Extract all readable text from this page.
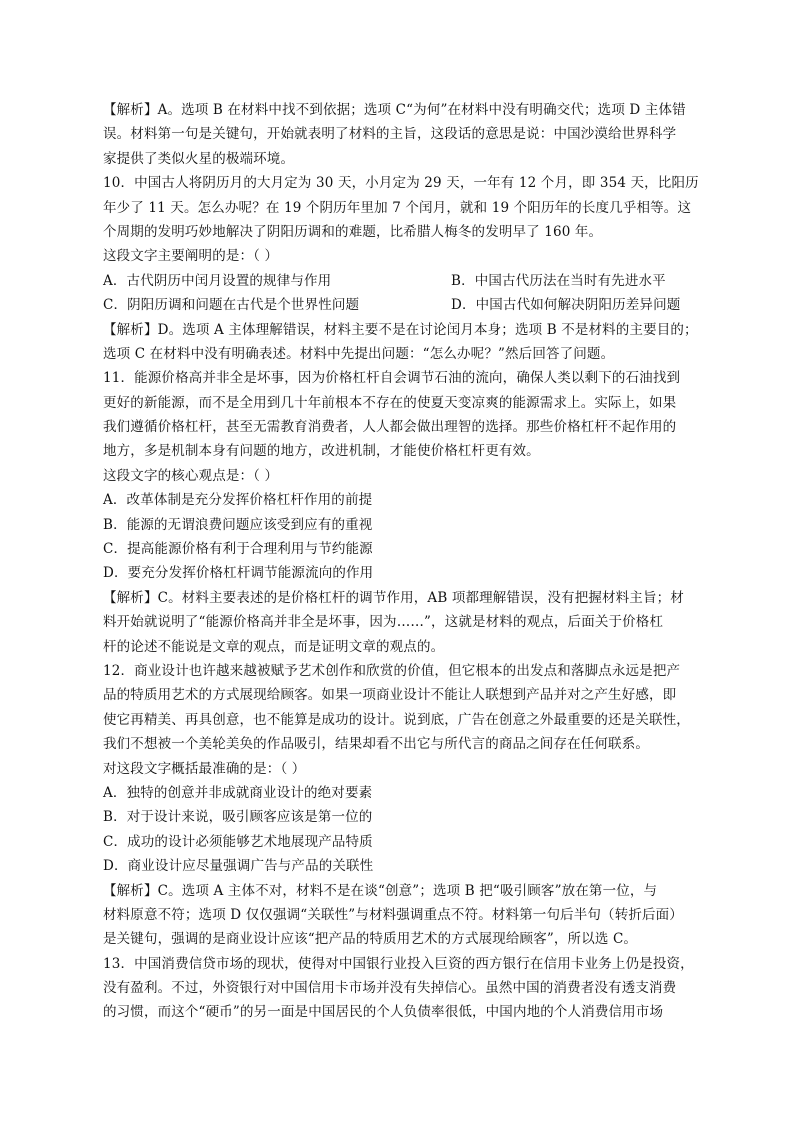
【解析】A。选项 B 在材料中找不到依据；选项 C“为何”在材料中没有明确交代；选项 D 主体错
误。材料第一句是关键句，开始就表明了材料的主旨，这段话的意思是说：中国沙漠给世界科学
家提供了类似火星的极端环境。
10．中国古人将阴历月的大月定为 30 天，小月定为 29 天，一年有 12 个月，即 354 天，比阳历
年少了 11 天。怎么办呢？在 19 个阴历年里加 7 个闰月，就和 19 个阳历年的长度几乎相等。这
个周期的发明巧妙地解决了阴阳历调和的难题，比希腊人梅冬的发明早了 160 年。
这段文字主要阐明的是：（ ）
A．古代阴历中闰月设置的规律与作用	B．中国古代历法在当时有先进水平
C．阴阳历调和问题在古代是个世界性问题	D．中国古代如何解决阴阳历差异问题
【解析】D。选项 A 主体理解错误，材料主要不是在讨论闰月本身；选项 B 不是材料的主要目的；
选项 C 在材料中没有明确表述。材料中先提出问题：“怎么办呢？”然后回答了问题。
11．能源价格高并非全是坏事，因为价格杠杆自会调节石油的流向，确保人类以剩下的石油找到
更好的新能源，而不是全用到几十年前根本不存在的使夏天变凉爽的能源需求上。实际上，如果
我们遵循价格杠杆，甚至无需教育消费者，人人都会做出理智的选择。那些价格杠杆不起作用的
地方，多是机制本身有问题的地方，改进机制，才能使价格杠杆更有效。
这段文字的核心观点是：（ ）
A．改革体制是充分发挥价格杠杆作用的前提
B．能源的无谓浪费问题应该受到应有的重视
C．提高能源价格有利于合理利用与节约能源
D．要充分发挥价格杠杆调节能源流向的作用
【解析】C。材料主要表述的是价格杠杆的调节作用，AB 项都理解错误，没有把握材料主旨；材
料开始就说明了“能源价格高并非全是坏事，因为……”，这就是材料的观点，后面关于价格杠
杆的论述不能说是文章的观点，而是证明文章的观点的。
12．商业设计也许越来越被赋予艺术创作和欣赏的价值，但它根本的出发点和落脚点永远是把产
品的特质用艺术的方式展现给顾客。如果一项商业设计不能让人联想到产品并对之产生好感，即
使它再精美、再具创意，也不能算是成功的设计。说到底，广告在创意之外最重要的还是关联性，
我们不想被一个美轮美奂的作品吸引，结果却看不出它与所代言的商品之间存在任何联系。
对这段文字概括最准确的是：（ ）
A．独特的创意并非成就商业设计的绝对要素
B．对于设计来说，吸引顾客应该是第一位的
C．成功的设计必须能够艺术地展现产品特质
D．商业设计应尽量强调广告与产品的关联性
【解析】C。选项 A 主体不对，材料不是在谈“创意”；选项 B 把“吸引顾客”放在第一位，与
材料原意不符；选项 D 仅仅强调“关联性”与材料强调重点不符。材料第一句后半句（转折后面）
是关键句，强调的是商业设计应该“把产品的特质用艺术的方式展现给顾客”，所以选 C。
13．中国消费信贷市场的现状，使得对中国银行业投入巨资的西方银行在信用卡业务上仍是投资，
没有盈利。不过，外资银行对中国信用卡市场并没有失掉信心。虽然中国的消费者没有透支消费
的习惯，而这个“硬币”的另一面是中国居民的个人负债率很低，中国内地的个人消费信用市场
